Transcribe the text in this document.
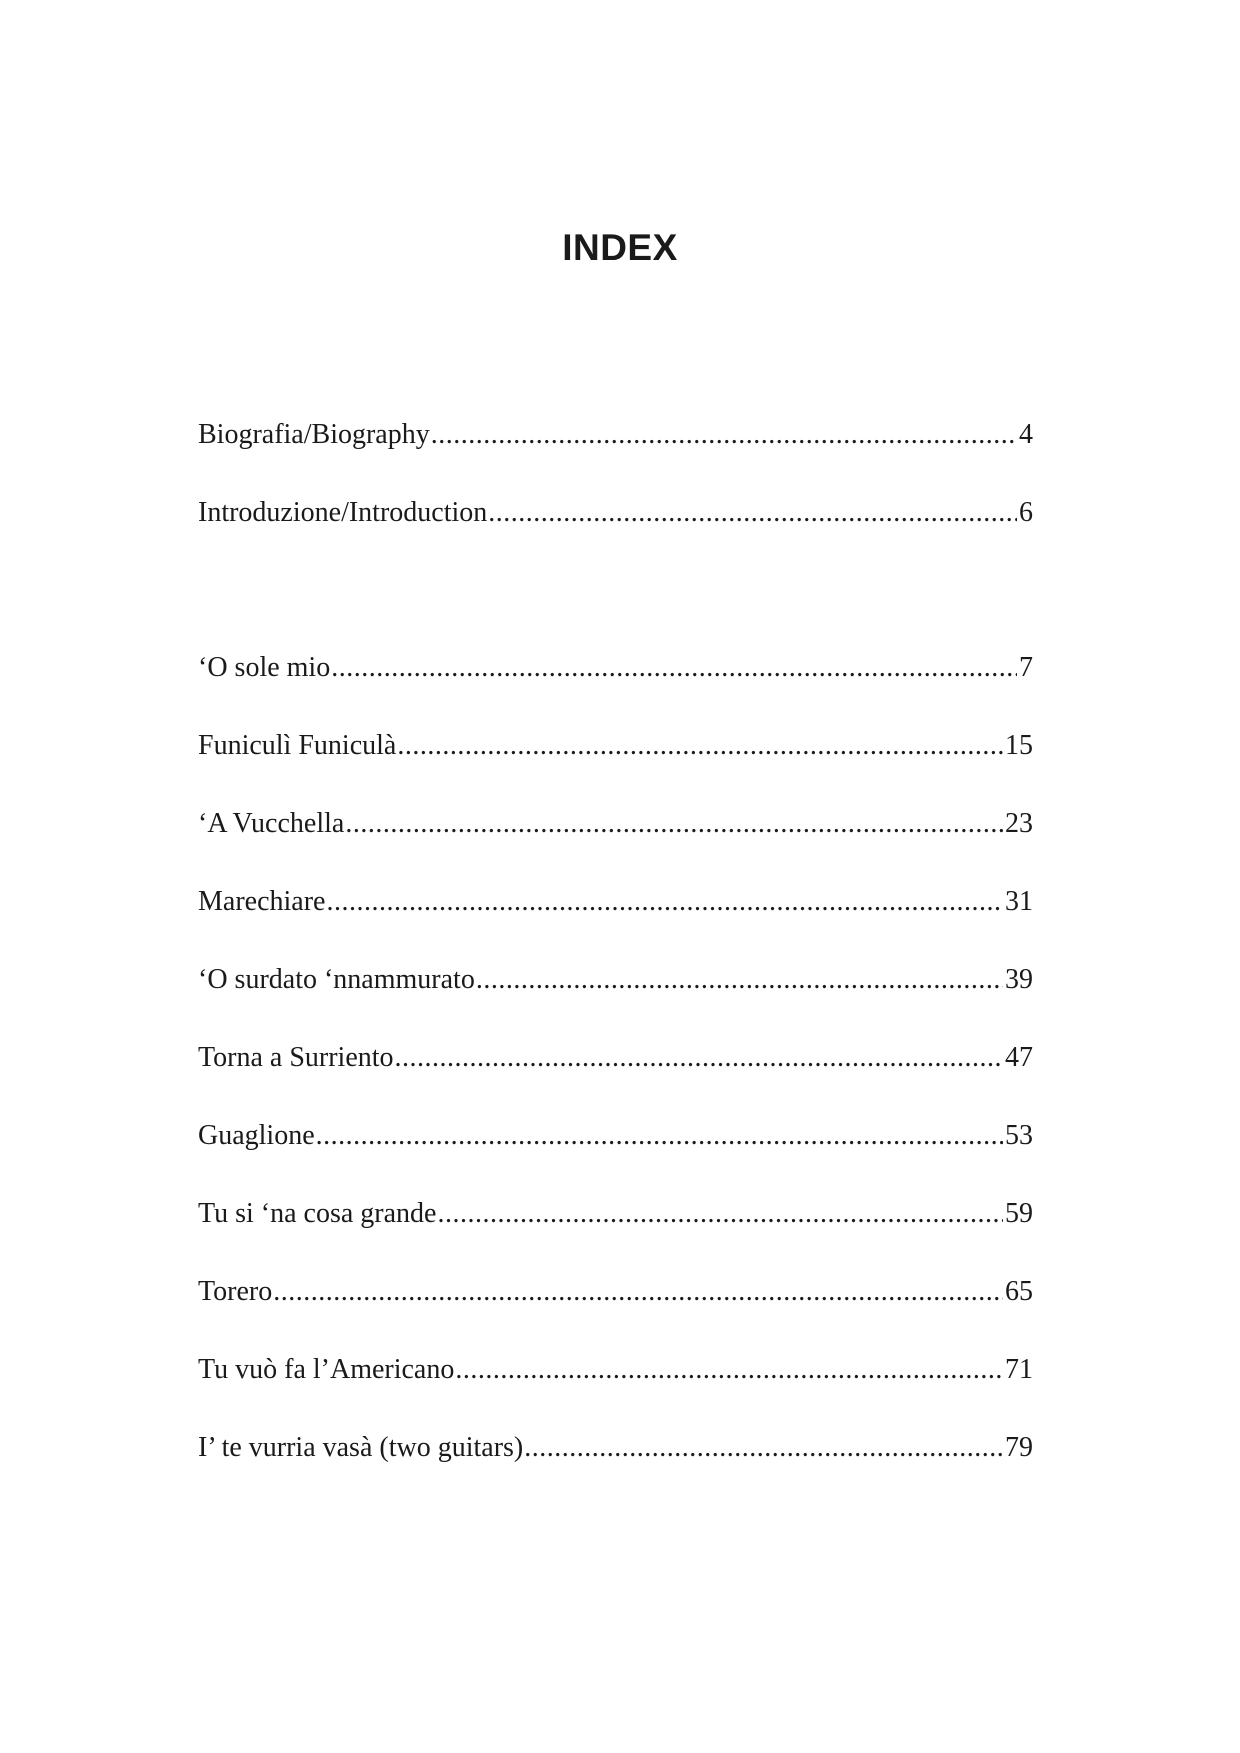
INDEX
Biografia/Biography .....	4
Introduzione/Introduction .....	6
‘O sole mio .....	7
Funiculì Funiculà .....	15
‘A Vucchella .....	23
Marechiare .....	31
‘O surdato ‘nnammurato .....	39
Torna a Surriento .....	47
Guaglione .....	53
Tu si ‘na cosa grande .....	59
Torero .....	65
Tu vuò fa l’Americano .....	71
I’ te vurria vasà (two guitars) .....	79
